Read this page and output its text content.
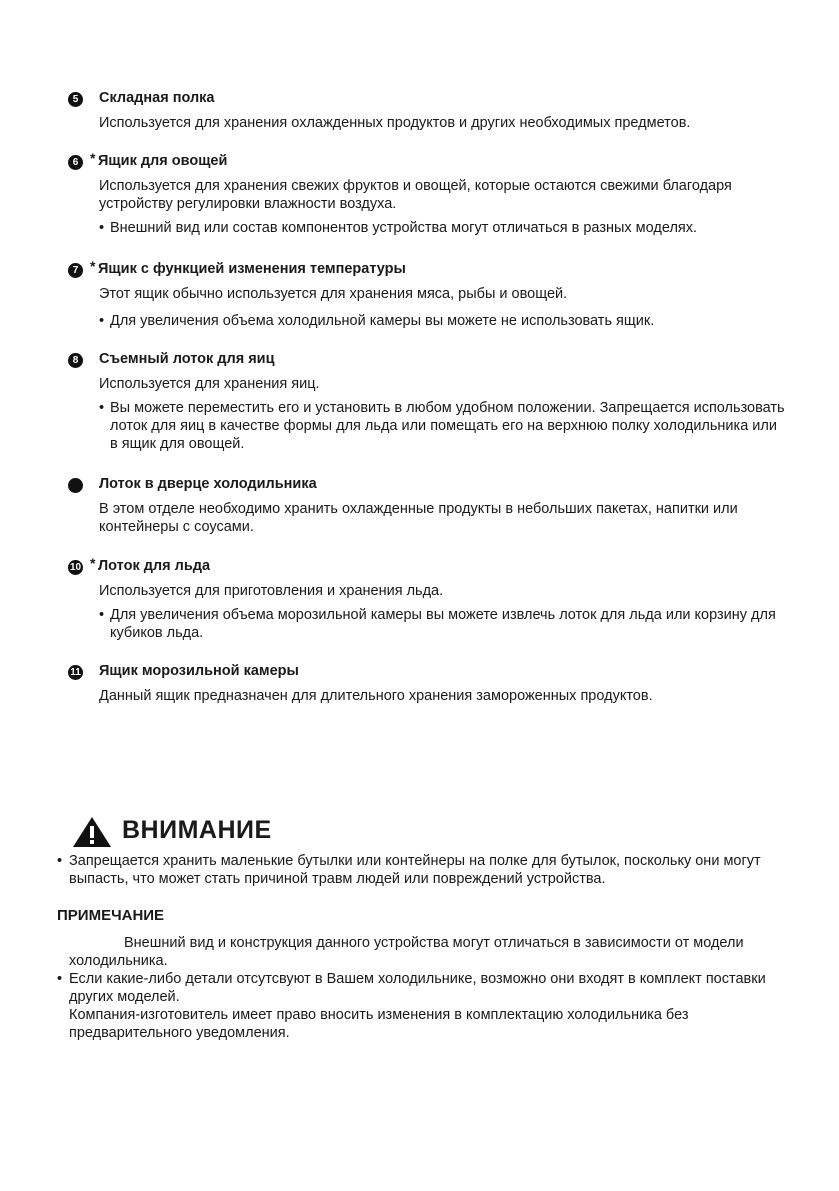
5	Складная полка
Используется для хранения охлажденных продуктов и других необходимых предметов.
6 * Ящик для овощей
Используется для хранения свежих фруктов и овощей, которые остаются свежими благодаря устройству регулировки влажности воздуха.
• Внешний вид или состав компонентов устройства могут отличаться в разных моделях.
7 * Ящик с функцией изменения температуры
Этот ящик обычно используется для хранения мяса, рыбы и овощей.
• Для увеличения объема холодильной камеры вы можете не использовать ящик.
8	Съемный лоток для яиц
Используется для хранения яиц.
• Вы можете переместить его и установить в любом удобном положении. Запрещается использовать лоток для яиц в качестве формы для льда или помещать его на верхнюю полку холодильника или в ящик для овощей.
Лоток в дверце холодильника
В этом отделе необходимо хранить охлажденные продукты в небольших пакетах, напитки или контейнеры с соусами.
10 * Лоток для льда
Используется для приготовления и хранения льда.
• Для увеличения объема морозильной камеры вы можете извлечь лоток для льда или корзину для кубиков льда.
11 Ящик морозильной камеры
Данный ящик предназначен для длительного хранения замороженных продуктов.
ВНИМАНИЕ
• Запрещается хранить маленькие бутылки или контейнеры на полке для бутылок, поскольку они могут выпасть, что может стать причиной травм людей или повреждений устройства.
ПРИМЕЧАНИЕ
Внешний вид и конструкция данного устройства могут отличаться в зависимости от модели холодильника.
• Если какие-либо детали отсутсвуют в Вашем холодильнике, возможно они входят в комплект поставки других моделей.
Компания-изготовитель имеет право вносить изменения в комплектацию холодильника без предварительного уведомления.
